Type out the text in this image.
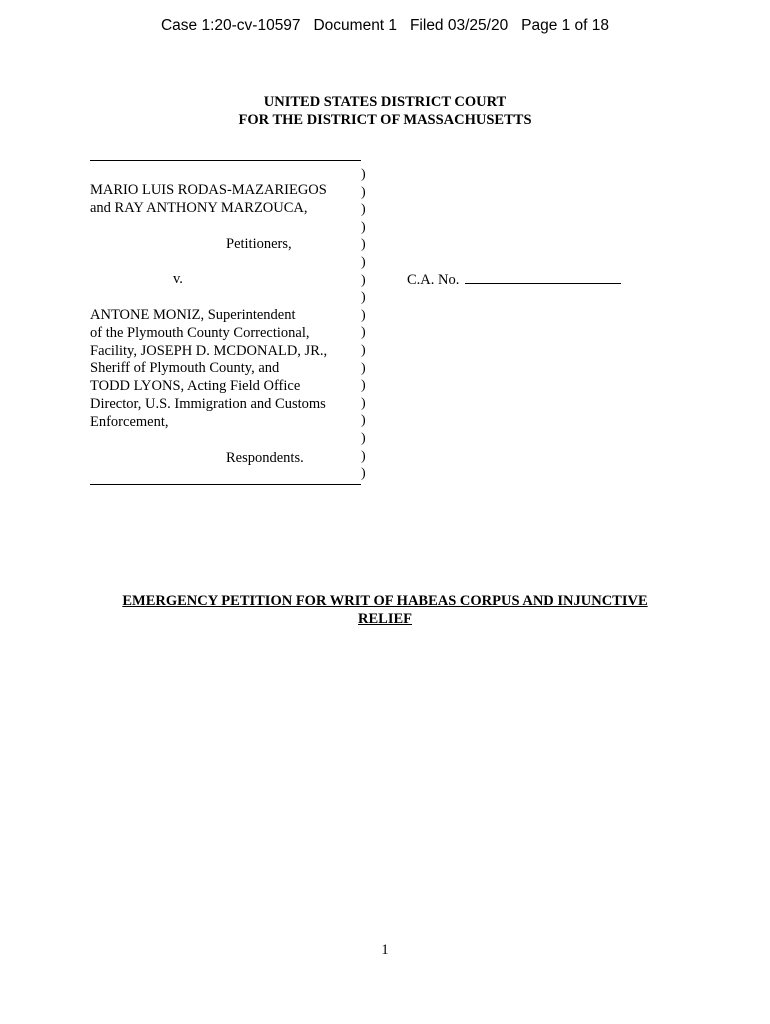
Case 1:20-cv-10597   Document 1   Filed 03/25/20   Page 1 of 18
UNITED STATES DISTRICT COURT
FOR THE DISTRICT OF MASSACHUSETTS
)
)
)
)
)
)
)
)
)
)
)
)
)
)
)
)
)
)
MARIO LUIS RODAS-MAZARIEGOS
and RAY ANTHONY MARZOUCA,
Petitioners,
v.	C.A. No.
ANTONE MONIZ, Superintendent
of the Plymouth County Correctional,
Facility, JOSEPH D. MCDONALD, JR.,
Sheriff of Plymouth County, and
TODD LYONS, Acting Field Office
Director, U.S. Immigration and Customs
Enforcement,
Respondents.
EMERGENCY PETITION FOR WRIT OF HABEAS CORPUS AND INJUNCTIVE
RELIEF
1
